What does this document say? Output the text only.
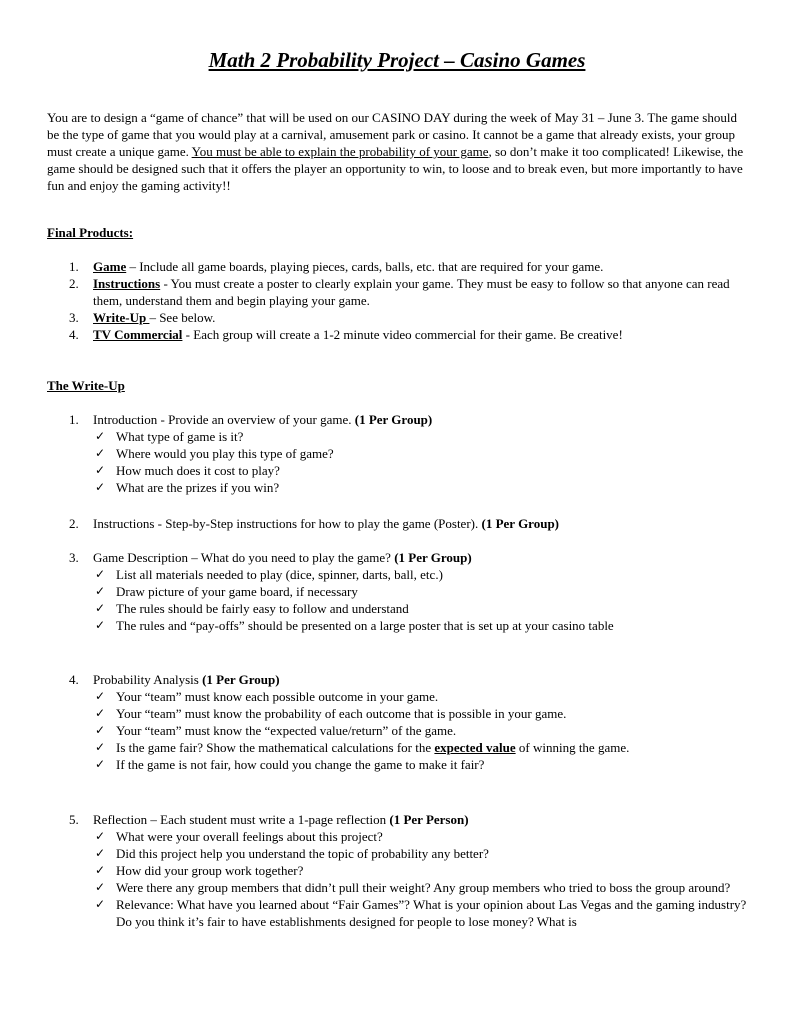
Math 2 Probability Project – Casino Games

You are to design a “game of chance” that will be used on our CASINO DAY during the week of May 31 – June 3. The game should be the type of game that you would play at a carnival, amusement park or casino. It cannot be a game that already exists, your group must create a unique game. You must be able to explain the probability of your game, so don’t make it too complicated! Likewise, the game should be designed such that it offers the player an opportunity to win, to loose and to break even, but more importantly to have fun and enjoy the gaming activity!!

Final Products:

1. Game – Include all game boards, playing pieces, cards, balls, etc. that are required for your game.
2. Instructions - You must create a poster to clearly explain your game. They must be easy to follow so that anyone can read them, understand them and begin playing your game.
3. Write-Up – See below.
4. TV Commercial - Each group will create a 1-2 minute video commercial for their game. Be creative!

The Write-Up

1. Introduction - Provide an overview of your game. (1 Per Group)
✓ What type of game is it?
✓ Where would you play this type of game?
✓ How much does it cost to play?
✓ What are the prizes if you win?
2. Instructions - Step-by-Step instructions for how to play the game (Poster). (1 Per Group)
3. Game Description – What do you need to play the game? (1 Per Group)
✓ List all materials needed to play (dice, spinner, darts, ball, etc.)
✓ Draw picture of your game board, if necessary
✓ The rules should be fairly easy to follow and understand
✓ The rules and “pay-offs” should be presented on a large poster that is set up at your casino table
4. Probability Analysis (1 Per Group)
✓ Your “team” must know each possible outcome in your game.
✓ Your “team” must know the probability of each outcome that is possible in your game.
✓ Your “team” must know the “expected value/return” of the game.
✓ Is the game fair? Show the mathematical calculations for the expected value of winning the game.
✓ If the game is not fair, how could you change the game to make it fair?
5. Reflection – Each student must write a 1-page reflection (1 Per Person)
✓ What were your overall feelings about this project?
✓ Did this project help you understand the topic of probability any better?
✓ How did your group work together?
✓ Were there any group members that didn’t pull their weight? Any group members who tried to boss the group around?
✓ Relevance: What have you learned about “Fair Games”? What is your opinion about Las Vegas and the gaming industry? Do you think it’s fair to have establishments designed for people to lose money? What is
